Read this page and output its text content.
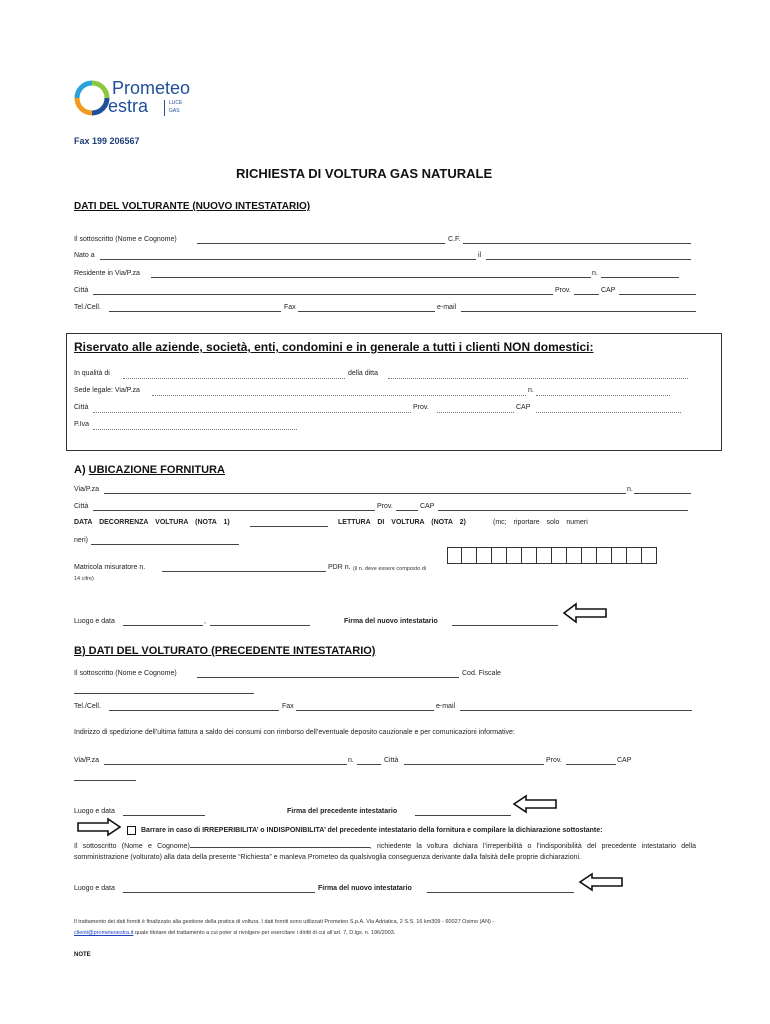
Prometeo
estra	LUCE
GAS
Fax 199 206567
RICHIESTA DI VOLTURA GAS NATURALE
DATI DEL VOLTURANTE (NUOVO INTESTATARIO)
Il sottoscritto (Nome e Cognome)	C.F.
Nato a	il
Residente in Via/P.za	n.
Città	Prov.	CAP
Tel./Cell.	Fax	e-mail
Riservato alle aziende, società, enti, condomini e in generale a tutti i clienti NON domestici:
In qualità di	della ditta
Sede legale: Via/P.za	n.
Città	Prov.	CAP
P.Iva
A) UBICAZIONE FORNITURA
Via/P.za	n.
Città	Prov.	CAP
DATA DECORRENZA VOLTURA (NOTA 1)	LETTURA DI VOLTURA (NOTA 2)	(mc; riportare solo numeri
neri)
Matricola misuratore n.	PDR n. (il n. deve essere composto di
14 cifre)
Luogo e data	,	Firma del nuovo intestatario
B) DATI DEL VOLTURATO (PRECEDENTE INTESTATARIO)
Il sottoscritto (Nome e Cognome)	Cod. Fiscale
Tel./Cell.	Fax	e-mail
Indirizzo di spedizione dell’ultima fattura a saldo dei consumi con rimborso dell’eventuale deposito cauzionale e per comunicazioni informative:
Via/P.za	n.	Città	Prov.	CAP
Luogo e data	Firma del precedente intestatario
Barrare in caso di IRREPERIBILITA’ o INDISPONIBILITA’ del precedente intestatario della fornitura e compilare la dichiarazione sottostante:
Il sottoscritto (Nome e Cognome)	, richiedente la voltura dichiara l’irreperibilità o l’indisponibilità del precedente intestatario della somministrazione (volturato) alla data della presente “Richiesta” e manleva Prometeo da qualsivoglia conseguenza derivante dalla falsità delle proprie dichiarazioni.
Luogo e data	Firma del nuovo intestatario
Il trattamento dei dati forniti è finalizzato alla gestione della pratica di voltura. I dati forniti sono utilizzati Prometeo S.p.A. Via Adriatica, 2 S.S. 16 km309 - 60027 Osimo (AN) -
clienti@prometeoestra.it quale titolare del trattamento a cui poter si rivolgere per esercitare i diritti di cui all’art. 7, D.lgs. n. 196/2003.
NOTE
